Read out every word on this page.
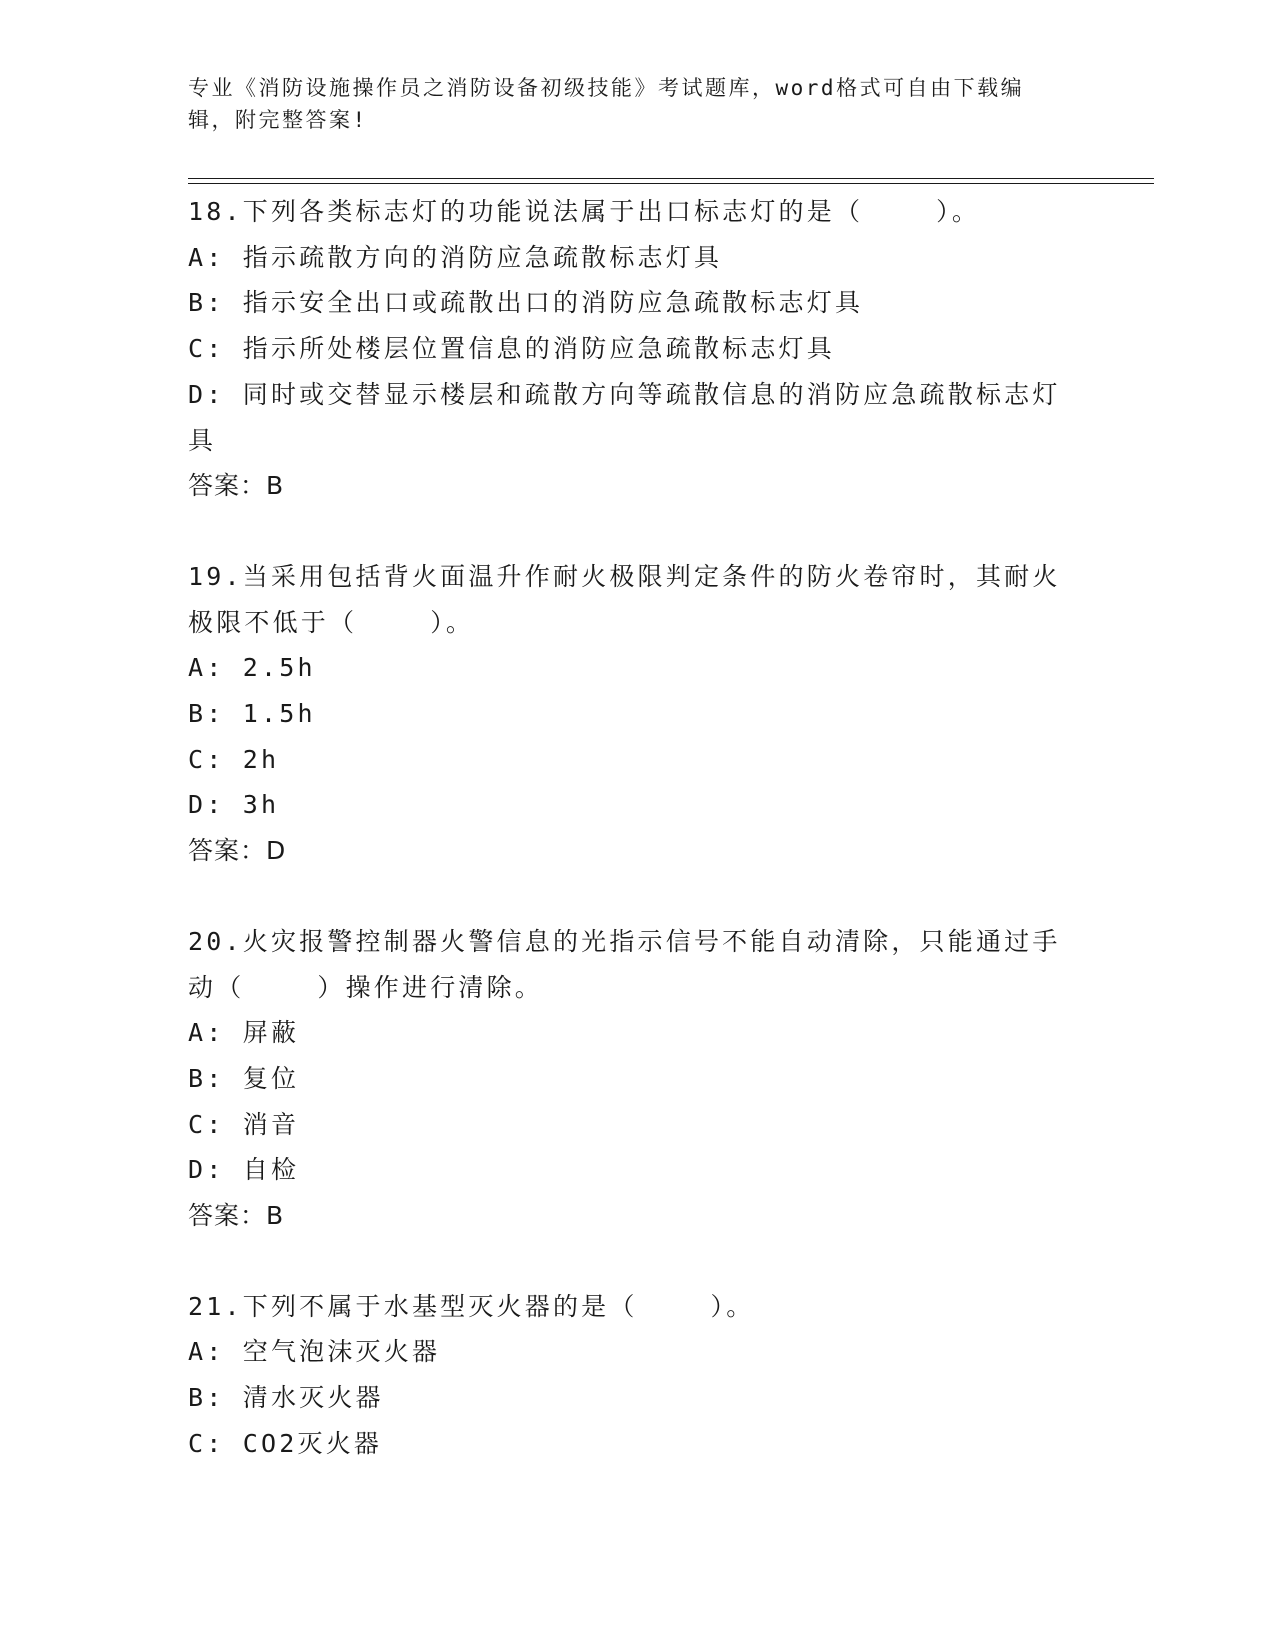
专业《消防设施操作员之消防设备初级技能》考试题库，word格式可自由下载编辑，附完整答案!

18.下列各类标志灯的功能说法属于出口标志灯的是（    ）。

A: 指示疏散方向的消防应急疏散标志灯具

B: 指示安全出口或疏散出口的消防应急疏散标志灯具

C: 指示所处楼层位置信息的消防应急疏散标志灯具

D: 同时或交替显示楼层和疏散方向等疏散信息的消防应急疏散标志灯

具

答案：B

19.当采用包括背火面温升作耐火极限判定条件的防火卷帘时，其耐火

极限不低于（    ）。

A: 2.5h

B: 1.5h

C: 2h

D: 3h

答案：D

20.火灾报警控制器火警信息的光指示信号不能自动清除，只能通过手

动（    ）操作进行清除。

A: 屏蔽

B: 复位

C: 消音

D: 自检

答案：B

21.下列不属于水基型灭火器的是（    ）。

A: 空气泡沫灭火器

B: 清水灭火器

C: CO2灭火器
